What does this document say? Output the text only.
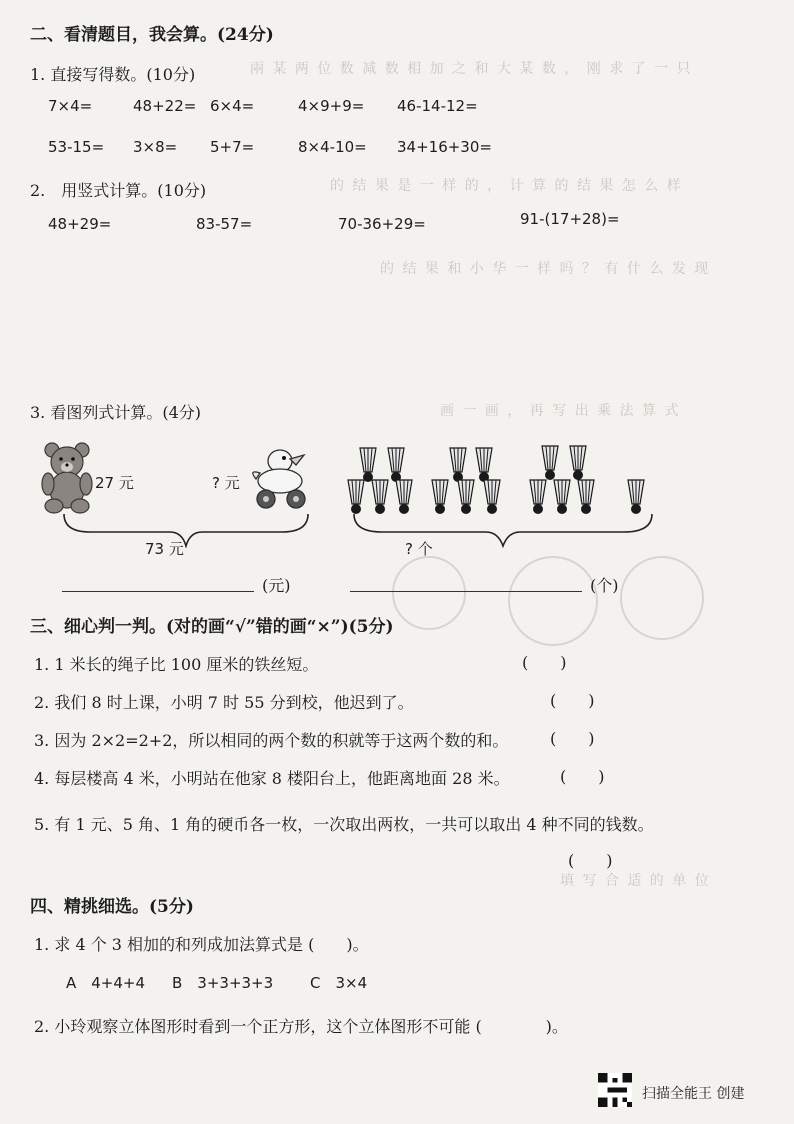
兩 某 两 位 数 减 数 相 加 之 和 大 某 数 ， 刚 求 了 一 只
的 结 果 是 一 样 的 ， 计 算 的 结 果 怎 么 样
的 结 果 和 小 华 一 样 吗 ？ 有 什 么 发 现
画 一 画 ， 再 写 出 乘 法 算 式
填 写 合 适 的 单 位
二、看清题目，我会算。(24分)
1. 直接写得数。(10分)
7×4=	48+22= 6×4=	4×9+9= 46-14-12=
53-15= 3×8= 5+7=	8×4-10= 34+16+30=
2.　用竖式计算。(10分)
48+29=	83-57=	70-36+29=	91-(17+28)=
3. 看图列式计算。(4分)
27 元	? 元
73 元	? 个
(元)	(个)
三、细心判一判。(对的画“√”错的画“×”)(5分)
1. 1 米长的绳子比 100 厘米的铁丝短。	(　　)
2. 我们 8 时上课，小明 7 时 55 分到校，他迟到了。	(　　)
3. 因为 2×2=2+2，所以相同的两个数的积就等于这两个数的和。	(　　)
4. 每层楼高 4 米，小明站在他家 8 楼阳台上，他距离地面 28 米。	(　　)
5. 有 1 元、5 角、1 角的硬币各一枚，一次取出两枚，一共可以取出 4 种不同的钱数。
(　　)
四、精挑细选。(5分)
1. 求 4 个 3 相加的和列成加法算式是 (　　)。
A　4+4+4 B　3+3+3+3 C　3×4
2. 小玲观察立体图形时看到一个正方形，这个立体图形不可能 (　　　　)。
扫描全能王 创建
